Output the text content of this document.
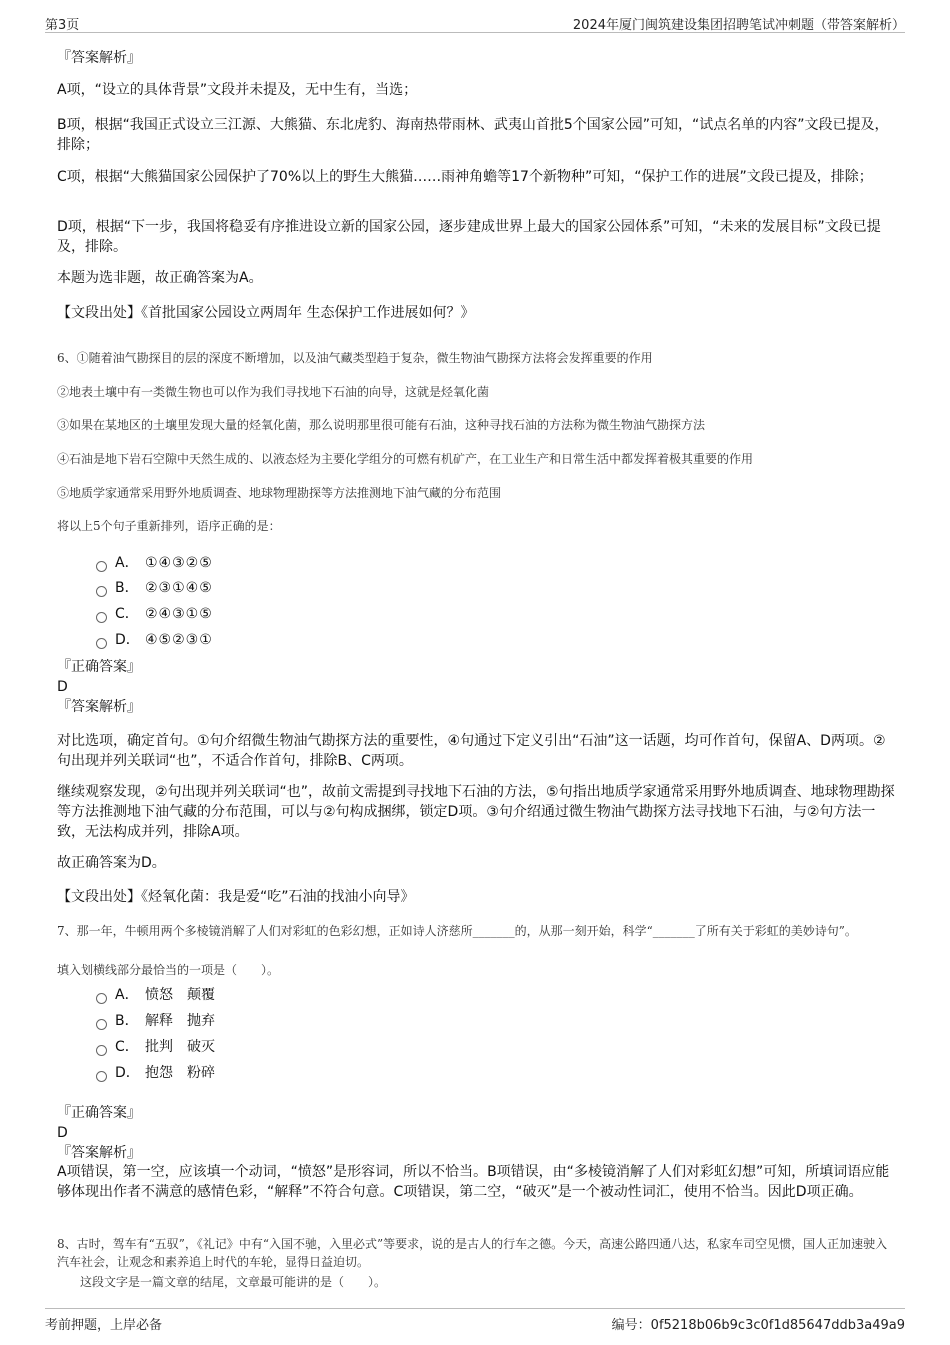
第3页	2024年厦门闽筑建设集团招聘笔试冲刺题（带答案解析）
『答案解析』
A项，“设立的具体背景”文段并未提及，无中生有，当选；
B项，根据“我国正式设立三江源、大熊猫、东北虎豹、海南热带雨林、武夷山首批5个国家公园”可知，“试点名单的内容”文段已提及，排除；
C项，根据“大熊猫国家公园保护了70%以上的野生大熊猫……雨神角蟾等17个新物种”可知，“保护工作的进展”文段已提及，排除；
D项，根据“下一步，我国将稳妥有序推进设立新的国家公园，逐步建成世界上最大的国家公园体系”可知，“未来的发展目标”文段已提及，排除。
本题为选非题，故正确答案为A。
【文段出处】《首批国家公园设立两周年 生态保护工作进展如何？》
6、①随着油气勘探目的层的深度不断增加，以及油气藏类型趋于复杂，微生物油气勘探方法将会发挥重要的作用
②地表土壤中有一类微生物也可以作为我们寻找地下石油的向导，这就是烃氧化菌
③如果在某地区的土壤里发现大量的烃氧化菌，那么说明那里很可能有石油，这种寻找石油的方法称为微生物油气勘探方法
④石油是地下岩石空隙中天然生成的、以液态烃为主要化学组分的可燃有机矿产，在工业生产和日常生活中都发挥着极其重要的作用
⑤地质学家通常采用野外地质调查、地球物理勘探等方法推测地下油气藏的分布范围
将以上5个句子重新排列，语序正确的是：
A． ①④③②⑤
B． ②③①④⑤
C． ②④③①⑤
D． ④⑤②③①
『正确答案』
D
『答案解析』
对比选项，确定首句。①句介绍微生物油气勘探方法的重要性，④句通过下定义引出“石油”这一话题，均可作首句，保留A、D两项。②句出现并列关联词“也”，不适合作首句，排除B、C两项。
继续观察发现，②句出现并列关联词“也”，故前文需提到寻找地下石油的方法，⑤句指出地质学家通常采用野外地质调查、地球物理勘探等方法推测地下油气藏的分布范围，可以与②句构成捆绑，锁定D项。③句介绍通过微生物油气勘探方法寻找地下石油，与②句方法一致，无法构成并列，排除A项。
故正确答案为D。
【文段出处】《烃氧化菌：我是爱“吃”石油的找油小向导》
7、那一年，牛顿用两个多棱镜消解了人们对彩虹的色彩幻想，正如诗人济慈所_______的，从那一刻开始，科学“_______了所有关于彩虹的美妙诗句”。
填入划横线部分最恰当的一项是（　　）。
A． 愤怒　颠覆
B． 解释　抛弃
C． 批判　破灭
D． 抱怨　粉碎
『正确答案』
D
『答案解析』
A项错误，第一空，应该填一个动词，“愤怒”是形容词，所以不恰当。B项错误，由“多棱镜消解了人们对彩虹幻想”可知，所填词语应能够体现出作者不满意的感情色彩，“解释”不符合句意。C项错误，第二空，“破灭”是一个被动性词汇，使用不恰当。因此D项正确。
8、古时，驾车有“五驭”，《礼记》中有“入国不驰，入里必式”等要求，说的是古人的行车之德。今天，高速公路四通八达，私家车司空见惯，国人正加速驶入汽车社会，让观念和素养追上时代的车轮，显得日益迫切。
这段文字是一篇文章的结尾，文章最可能讲的是（　　）。
考前押题，上岸必备	编号：0f5218b06b9c3c0f1d85647ddb3a49a9
